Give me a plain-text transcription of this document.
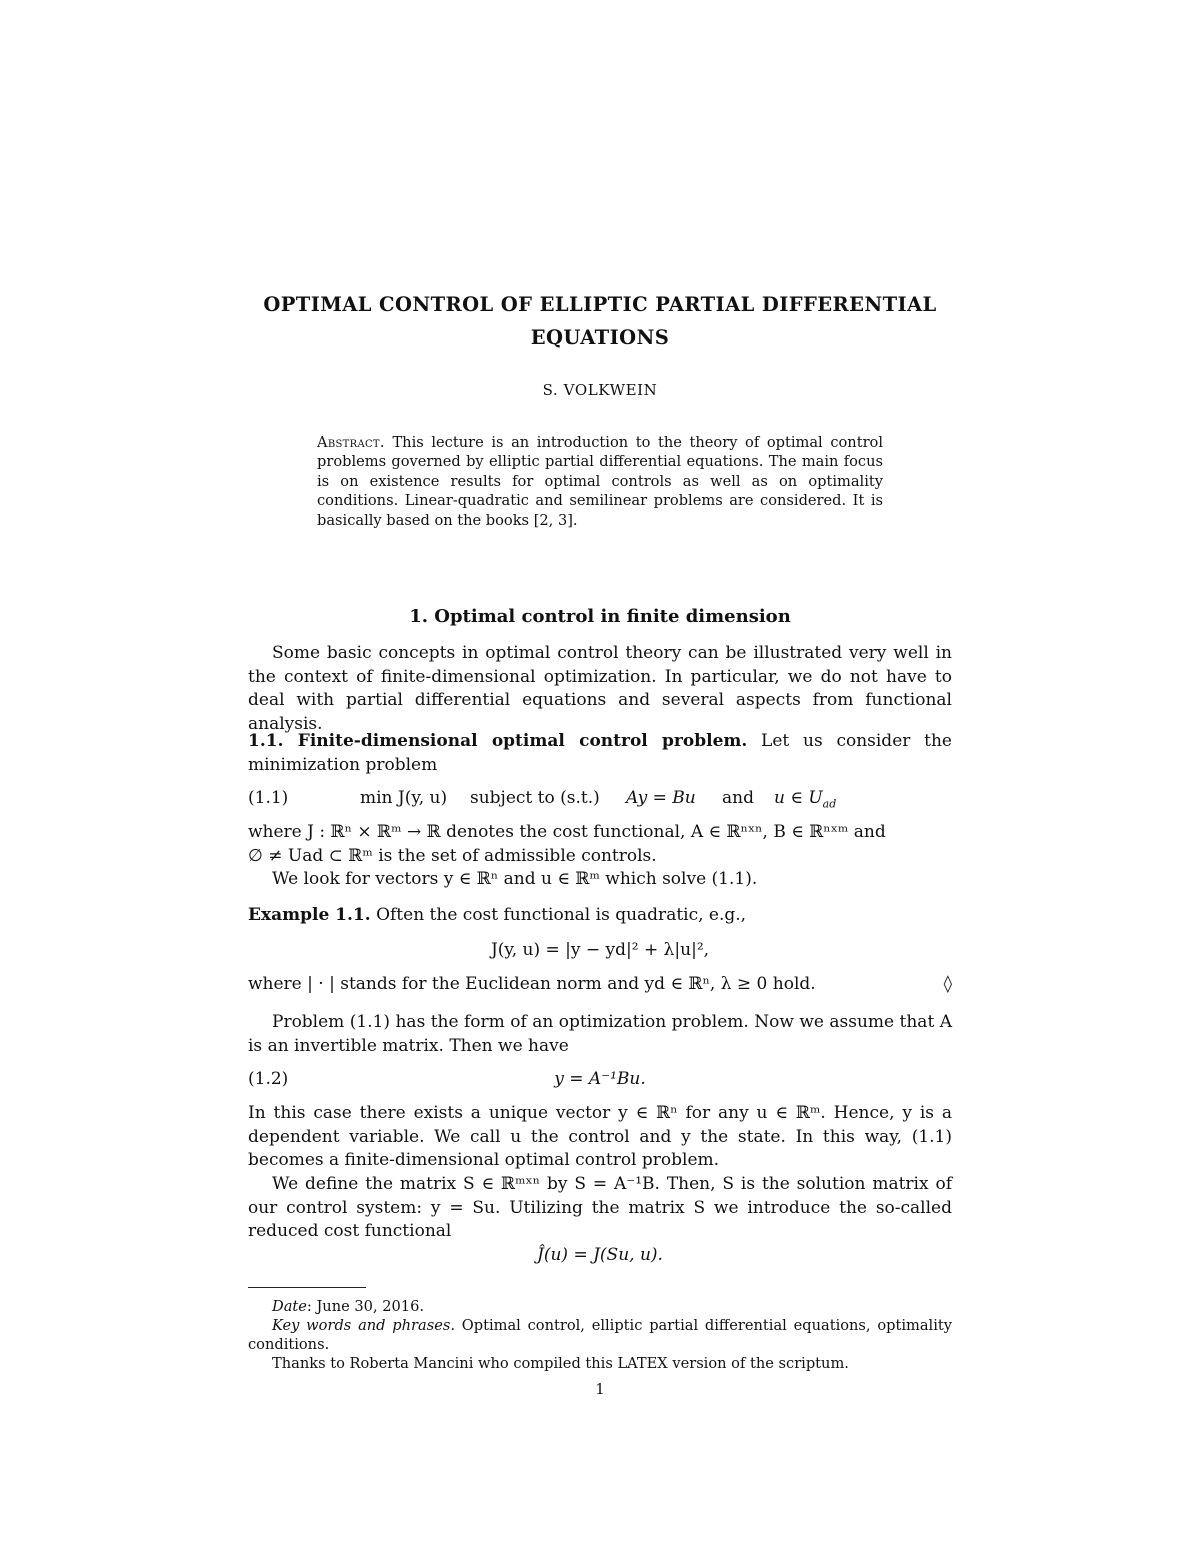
OPTIMAL CONTROL OF ELLIPTIC PARTIAL DIFFERENTIAL
EQUATIONS
S. VOLKWEIN
Abstract. This lecture is an introduction to the theory of optimal control problems governed by elliptic partial differential equations. The main focus is on existence results for optimal controls as well as on optimality conditions. Linear-quadratic and semilinear problems are considered. It is basically based on the books [2, 3].
1. Optimal control in finite dimension
Some basic concepts in optimal control theory can be illustrated very well in the context of finite-dimensional optimization. In particular, we do not have to deal with partial differential equations and several aspects from functional analysis.
1.1. Finite-dimensional optimal control problem. Let us consider the minimization problem
(1.1)	min J(y, u) subject to (s.t.) Ay = Bu and u ∈ $U_{ad}$
where J : ℝⁿ × ℝᵐ → ℝ denotes the cost functional, A ∈ ℝⁿˣⁿ, B ∈ ℝⁿˣᵐ and
∅ ≠ Uad ⊂ ℝᵐ is the set of admissible controls.
We look for vectors y ∈ ℝⁿ and u ∈ ℝᵐ which solve (1.1).
Example 1.1. Often the cost functional is quadratic, e.g.,
J(y, u) = |y − yd|² + λ|u|²,
where | · | stands for the Euclidean norm and yd ∈ ℝⁿ, λ ≥ 0 hold.	◊
Problem (1.1) has the form of an optimization problem. Now we assume that A is an invertible matrix. Then we have
(1.2)	y = A⁻¹Bu.
In this case there exists a unique vector y ∈ ℝⁿ for any u ∈ ℝᵐ. Hence, y is a dependent variable. We call u the control and y the state. In this way, (1.1) becomes a finite-dimensional optimal control problem.
We define the matrix S ∈ ℝᵐˣⁿ by S = A⁻¹B. Then, S is the solution matrix of our control system: y = Su. Utilizing the matrix S we introduce the so-called reduced cost functional
Ĵ(u) = J(Su, u).
Date: June 30, 2016.
Key words and phrases. Optimal control, elliptic partial differential equations, optimality conditions.
Thanks to Roberta Mancini who compiled this LATEX version of the scriptum.
1
